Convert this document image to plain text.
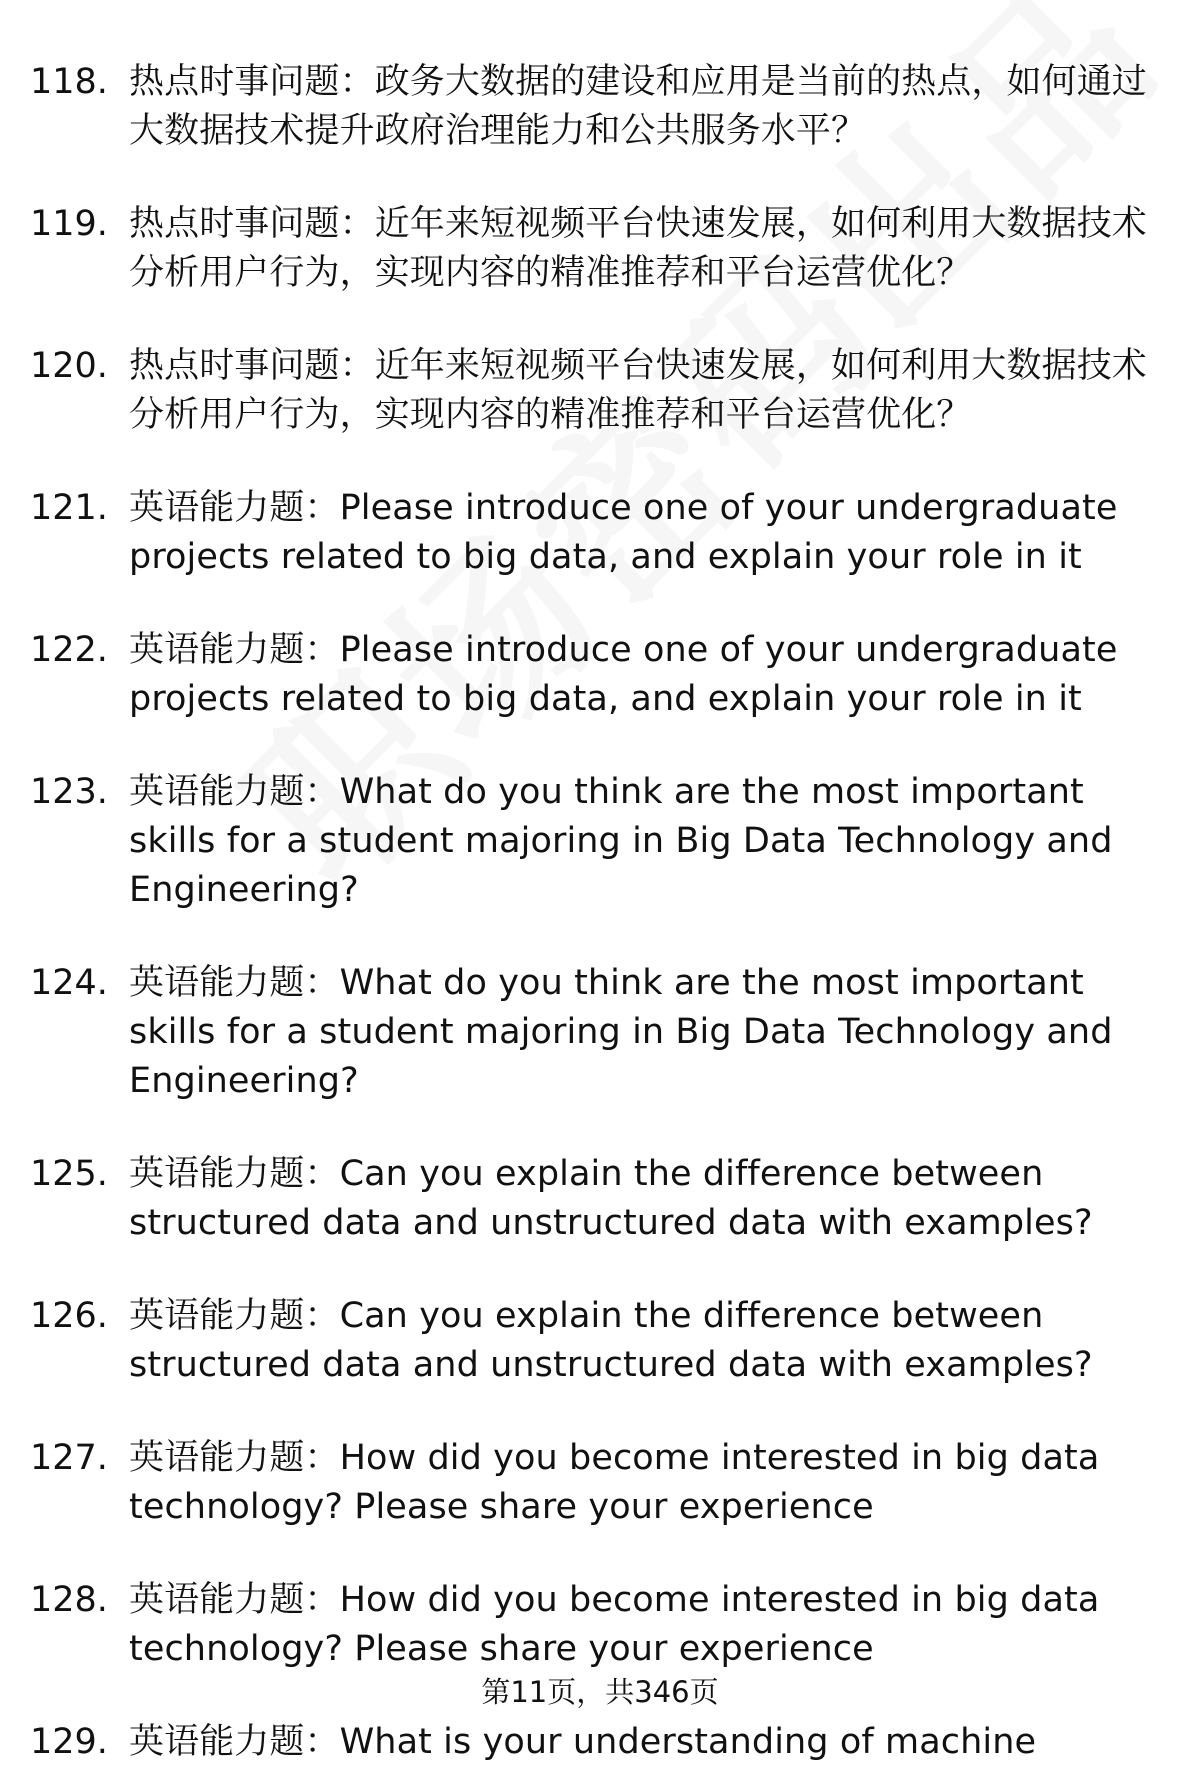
118. 热点时事问题：政务大数据的建设和应用是当前的热点，如何通过大数据技术提升政府治理能力和公共服务水平？
119. 热点时事问题：近年来短视频平台快速发展，如何利用大数据技术分析用户行为，实现内容的精准推荐和平台运营优化？
120. 热点时事问题：近年来短视频平台快速发展，如何利用大数据技术分析用户行为，实现内容的精准推荐和平台运营优化？
121. 英语能力题：Please introduce one of your undergraduate projects related to big data, and explain your role in it
122. 英语能力题：Please introduce one of your undergraduate projects related to big data, and explain your role in it
123. 英语能力题：What do you think are the most important skills for a student majoring in Big Data Technology and Engineering?
124. 英语能力题：What do you think are the most important skills for a student majoring in Big Data Technology and Engineering?
125. 英语能力题：Can you explain the difference between structured data and unstructured data with examples?
126. 英语能力题：Can you explain the difference between structured data and unstructured data with examples?
127. 英语能力题：How did you become interested in big data technology? Please share your experience
128. 英语能力题：How did you become interested in big data technology? Please share your experience
129. 英语能力题：What is your understanding of machine
第11页，共346页
